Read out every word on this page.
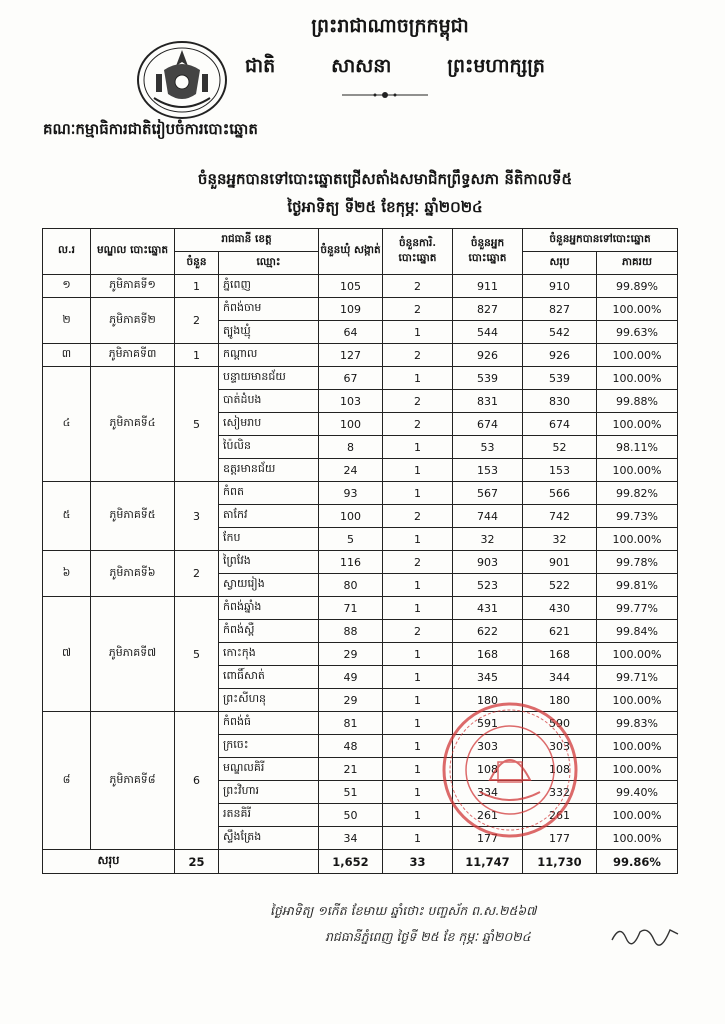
ព្រះរាជាណាចក្រកម្ពុជា
ជាតិ	សាសនា	ព្រះមហាក្សត្រ
គណៈកម្មាធិការជាតិរៀបចំការបោះឆ្នោត
ចំនួនអ្នកបានទៅបោះឆ្នោតជ្រើសតាំងសមាជិកព្រឹទ្ធសភា នីតិកាលទី៥
ថ្ងៃអាទិត្យ ទី២៥ ខែកុម្ភៈ ឆ្នាំ២០២៤
ល.រ	មណ្ឌល បោះឆ្នោត	រាជធានី ខេត្ត		ចំនួនឃុំ សង្កាត់	ចំនួនការិ. បោះឆ្នោត	ចំនួនអ្នក បោះឆ្នោត	ចំនួនអ្នកបានទៅបោះឆ្នោត	
		ចំនួន	ឈ្មោះ				សរុប	ភាគរយ
១	ភូមិភាគទី១	1	ភ្នំពេញ	105	2	911	910	99.89%
២	ភូមិភាគទី២	2	កំពង់ចាម	109	2	827	827	100.00%
			ត្បូងឃ្មុំ	64	1	544	542	99.63%
៣	ភូមិភាគទី៣	1	កណ្ដាល	127	2	926	926	100.00%
៤	ភូមិភាគទី៤	5	បន្ទាយមានជ័យ	67	1	539	539	100.00%
			បាត់ដំបង	103	2	831	830	99.88%
			សៀមរាប	100	2	674	674	100.00%
			ប៉ៃលិន	8	1	53	52	98.11%
			ឧត្ដរមានជ័យ	24	1	153	153	100.00%
៥	ភូមិភាគទី៥	3	កំពត	93	1	567	566	99.82%
			តាកែវ	100	2	744	742	99.73%
			កែប	5	1	32	32	100.00%
៦	ភូមិភាគទី៦	2	ព្រៃវែង	116	2	903	901	99.78%
			ស្វាយរៀង	80	1	523	522	99.81%
៧	ភូមិភាគទី៧	5	កំពង់ឆ្នាំង	71	1	431	430	99.77%
			កំពង់ស្ពឺ	88	2	622	621	99.84%
			កោះកុង	29	1	168	168	100.00%
			ពោធិ៍សាត់	49	1	345	344	99.71%
			ព្រះសីហនុ	29	1	180	180	100.00%
៨	ភូមិភាគទី៨	6	កំពង់ធំ	81	1	591	590	99.83%
			ក្រចេះ	48	1	303	303	100.00%
			មណ្ឌលគិរី	21	1	108	108	100.00%
			ព្រះវិហារ	51	1	334	332	99.40%
			រតនគិរី	50	1	261	261	100.00%
			ស្ទឹងត្រែង	34	1	177	177	100.00%
សរុប		25		1,652	33	11,747	11,730	99.86%
ថ្ងៃអាទិត្យ ១កើត ខែមាឃ ឆ្នាំថោះ បញ្ចស័ក ព.ស.២៥៦៧
រាជធានីភ្នំពេញ ថ្ងៃទី ២៥ ខែ កុម្ភៈ ឆ្នាំ២០២៤
